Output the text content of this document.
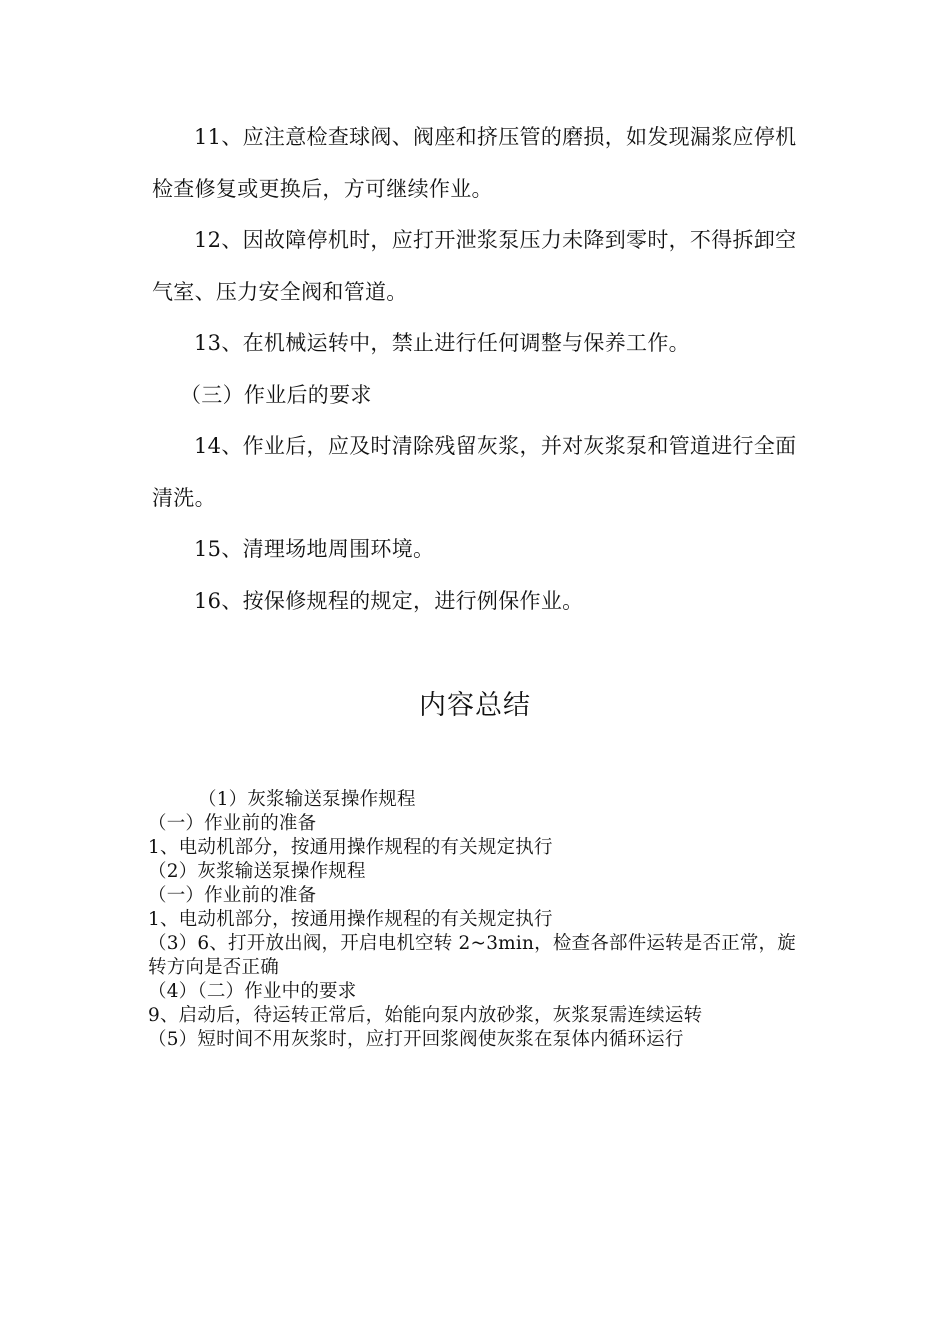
11、应注意检查球阀、阀座和挤压管的磨损，如发现漏浆应停机检查修复或更换后，方可继续作业。

12、因故障停机时，应打开泄浆泵压力未降到零时，不得拆卸空气室、压力安全阀和管道。

13、在机械运转中，禁止进行任何调整与保养工作。

（三）作业后的要求

14、作业后，应及时清除残留灰浆，并对灰浆泵和管道进行全面清洗。

15、清理场地周围环境。

16、按保修规程的规定，进行例保作业。

内容总结

（1）灰浆输送泵操作规程

（一）作业前的准备

1、电动机部分，按通用操作规程的有关规定执行

（2）灰浆输送泵操作规程

（一）作业前的准备

1、电动机部分，按通用操作规程的有关规定执行

（3）6、打开放出阀，开启电机空转 2~3min，检查各部件运转是否正常，旋转方向是否正确

（4）（二）作业中的要求

9、启动后，待运转正常后，始能向泵内放砂浆，灰浆泵需连续运转

（5）短时间不用灰浆时，应打开回浆阀使灰浆在泵体内循环运行
